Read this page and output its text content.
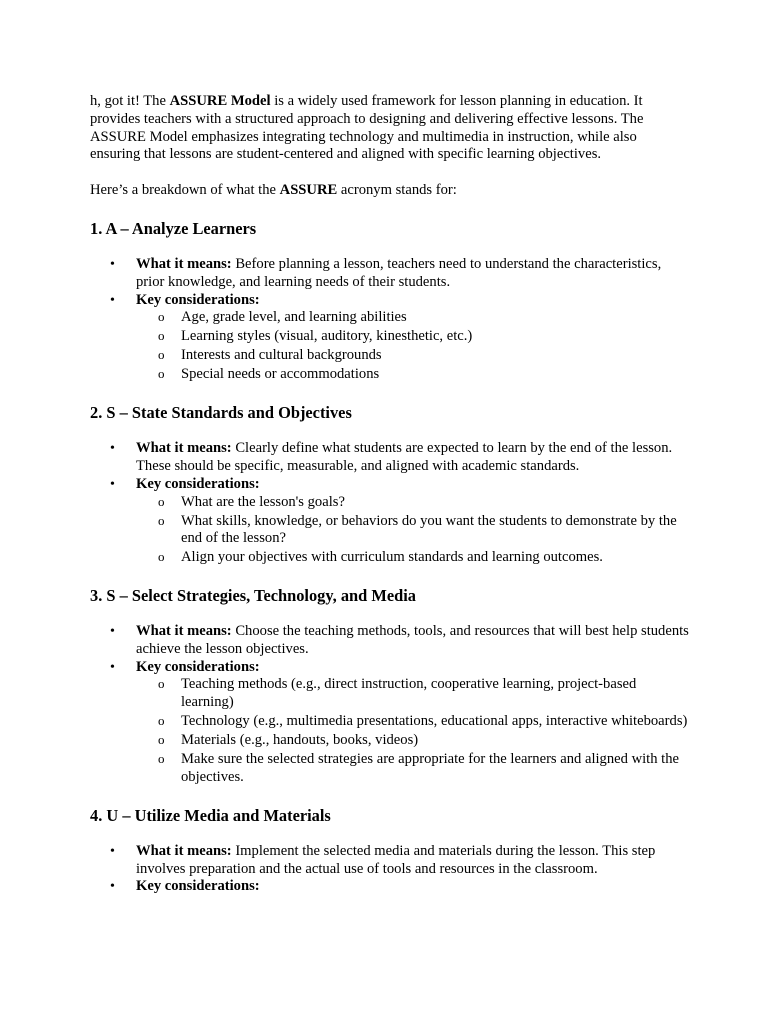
h, got it! The ASSURE Model is a widely used framework for lesson planning in education. It provides teachers with a structured approach to designing and delivering effective lessons. The ASSURE Model emphasizes integrating technology and multimedia in instruction, while also ensuring that lessons are student-centered and aligned with specific learning objectives.

Here’s a breakdown of what the ASSURE acronym stands for:

1. A – Analyze Learners
• What it means: Before planning a lesson, teachers need to understand the characteristics, prior knowledge, and learning needs of their students.
• Key considerations:
o Age, grade level, and learning abilities
o Learning styles (visual, auditory, kinesthetic, etc.)
o Interests and cultural backgrounds
o Special needs or accommodations
2. S – State Standards and Objectives
• What it means: Clearly define what students are expected to learn by the end of the lesson. These should be specific, measurable, and aligned with academic standards.
• Key considerations:
o What are the lesson's goals?
o What skills, knowledge, or behaviors do you want the students to demonstrate by the end of the lesson?
o Align your objectives with curriculum standards and learning outcomes.
3. S – Select Strategies, Technology, and Media
• What it means: Choose the teaching methods, tools, and resources that will best help students achieve the lesson objectives.
• Key considerations:
o Teaching methods (e.g., direct instruction, cooperative learning, project-based learning)
o Technology (e.g., multimedia presentations, educational apps, interactive whiteboards)
o Materials (e.g., handouts, books, videos)
o Make sure the selected strategies are appropriate for the learners and aligned with the objectives.
4. U – Utilize Media and Materials
• What it means: Implement the selected media and materials during the lesson. This step involves preparation and the actual use of tools and resources in the classroom.
• Key considerations:
